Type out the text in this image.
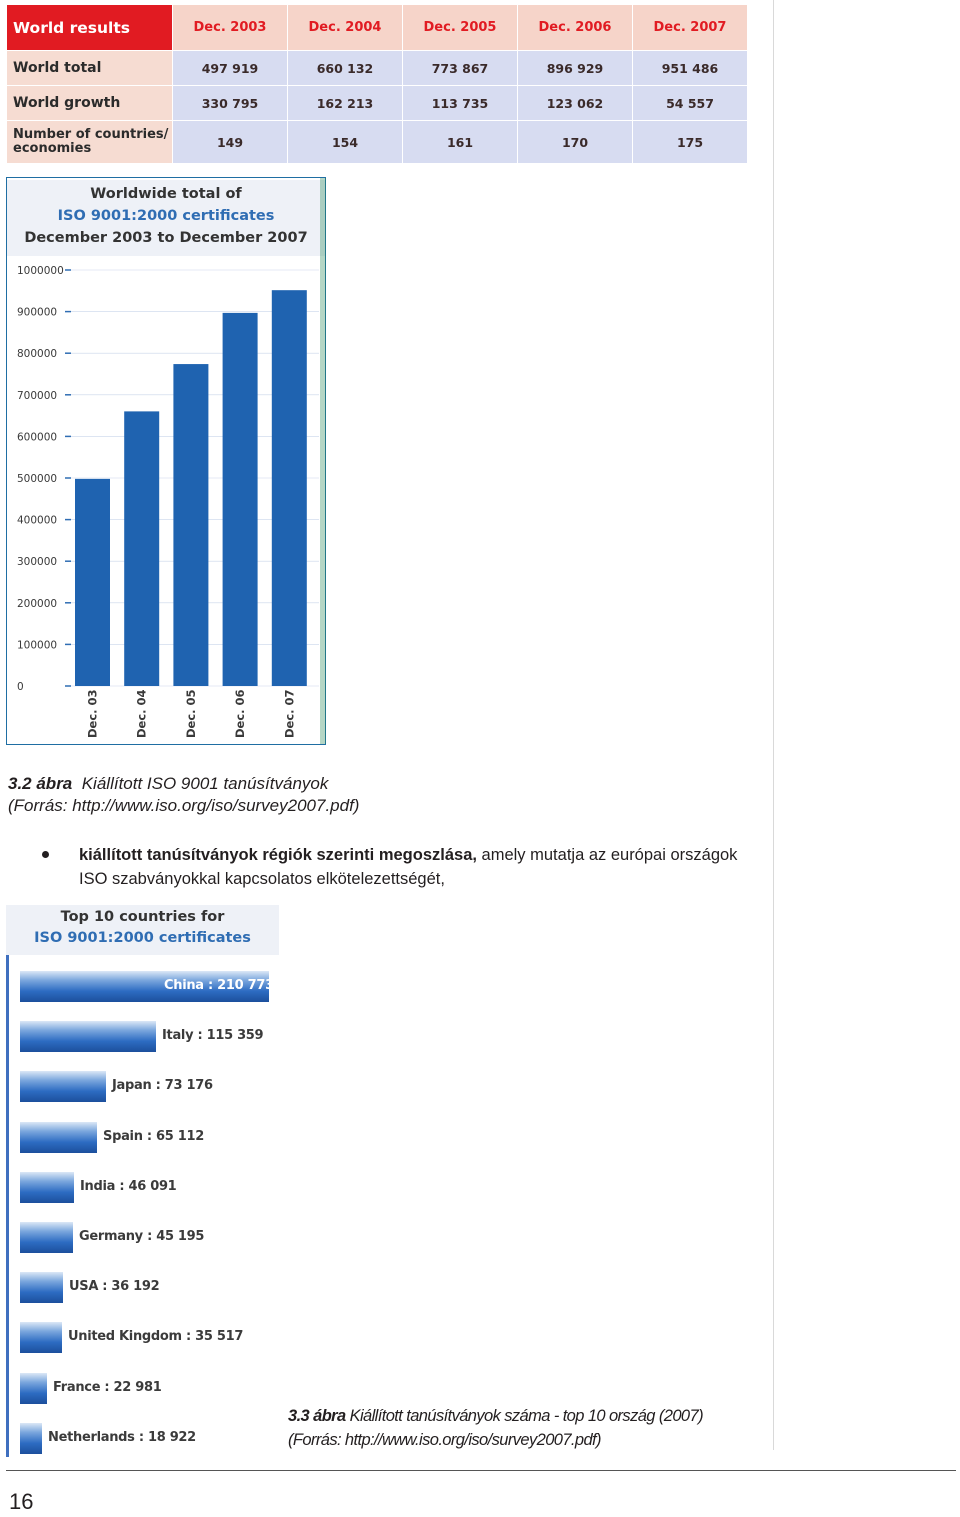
World results	Dec. 2003	Dec. 2004	Dec. 2005	Dec. 2006	Dec. 2007
World total	497 919	660 132	773 867	896 929	951 486
World growth	330 795	162 213	113 735	123 062	54 557
Number of countries/ economies	149	154	161	170	175
Worldwide total of
ISO 9001:2000 certificates
December 2003 to December 2007
0
100000
200000
300000
400000
500000
600000
700000
800000
900000
1000000
Dec. 03	Dec. 04	Dec. 05	Dec. 06	Dec. 07
3.2 ábra Kiállított ISO 9001 tanúsítványok
(Forrás: http://www.iso.org/iso/survey2007.pdf)
kiállított tanúsítványok régiók szerinti megoszlása, amely mutatja az európai országok ISO szabványokkal kapcsolatos elkötelezettségét,
Top 10 countries for
ISO 9001:2000 certificates
China : 210 773
Italy : 115 359
Japan : 73 176
Spain : 65 112
India : 46 091
Germany : 45 195
USA : 36 192
United Kingdom : 35 517
France : 22 981
Netherlands : 18 922
3.3 ábra Kiállított tanúsítványok száma - top 10 ország (2007)
(Forrás: http://www.iso.org/iso/survey2007.pdf)
16
